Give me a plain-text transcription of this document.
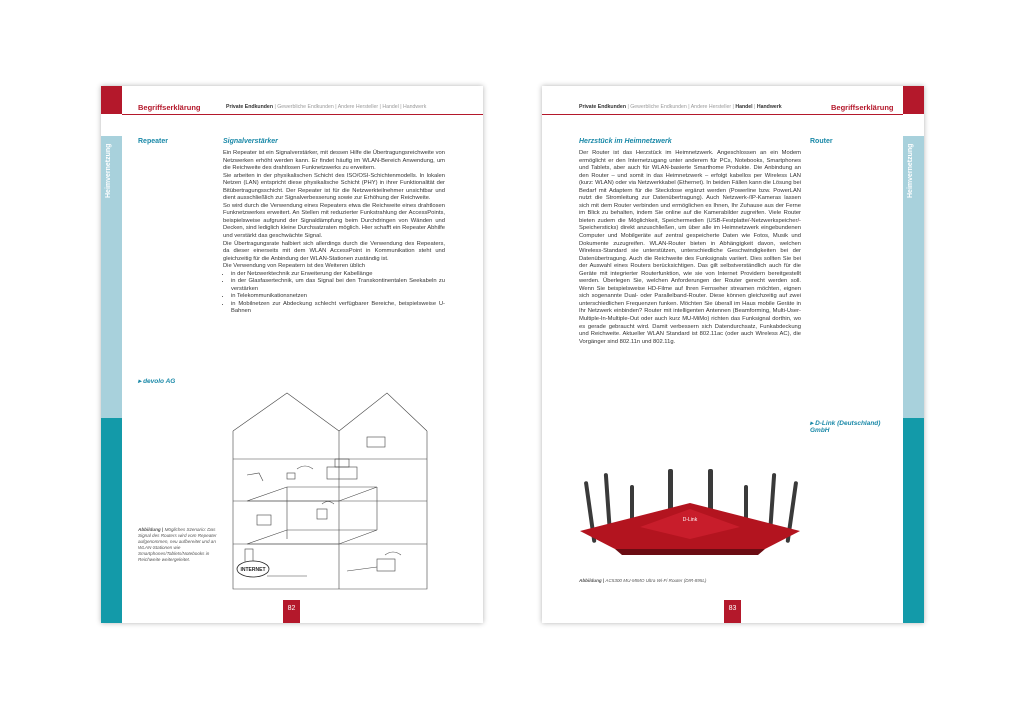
Begriffserklärung	Private Endkunden | Gewerbliche Endkunden | Andere Hersteller | Handel | Handwerk
Heimvernetzung
Repeater	Signalverstärker

Ein Repeater ist ein Signalverstärker, mit dessen Hilfe die Übertragungsreichweite von Netzwerken erhöht werden kann. Er findet häufig im WLAN-Bereich Anwendung, um die Reichweite des drahtlosen Funknetzwerks zu erweitern.

Sie arbeiten in der physikalischen Schicht des ISO/OSI-Schichtenmodells. In lokalen Netzen (LAN) entspricht diese physikalische Schicht (PHY) in ihrer Funktionalität der Bitübertragungsschicht. Der Repeater ist für die Netzwerkteilnehmer unsichtbar und dient ausschließlich zur Signalverbesserung sowie zur Erhöhung der Reichweite.

So wird durch die Verwendung eines Repeaters etwa die Reichweite eines drahtlosen Funknetzwerkes erweitert. An Stellen mit reduzierter Funkstrahlung der AccessPoints, beispielsweise aufgrund der Signaldämpfung beim Durchdringen von Wänden und Decken, sind lediglich kleine Durchsatzraten möglich. Hier schafft ein Repeater Abhilfe und verstärkt das geschwächte Signal.

Die Übertragungsrate halbiert sich allerdings durch die Verwendung des Repeaters, da dieser einerseits mit dem WLAN AccessPoint in Kommunikation steht und gleichzeitig für die Anbindung der WLAN-Stationen zuständig ist.

Die Verwendung von Repeatern ist des Weiteren üblich

• in der Netzwerktechnik zur Erweiterung der Kabellänge
• in der Glasfasertechnik, um das Signal bei den Transkontinentalen Seekabeln zu verstärken
• in Telekommunikationsnetzen
• in Mobilnetzen zur Abdeckung schlecht verfügbarer Bereiche, beispielsweise U-Bahnen
▸ devolo AG
INTERNET
Abbildung | Mögliches Szenario: Das Signal des Routers wird vom Repeater aufgenommen, neu aufbereitet und an WLAN-Stationen wie Smartphones/Tablets/Notebooks in Reichweite weitergeleitet.
82
Private Endkunden | Gewerbliche Endkunden | Andere Hersteller | Handel | Handwerk	Begriffserklärung
Heimvernetzung
Herzstück im Heimnetzwerk	Router

Der Router ist das Herzstück im Heimnetzwerk. Angeschlossen an ein Modem ermöglicht er den Internetzugang unter anderem für PCs, Notebooks, Smartphones und Tablets, aber auch für WLAN-basierte Smarthome Produkte. Die Anbindung an den Router – und somit in das Heimnetzwerk – erfolgt kabellos per Wireless LAN (kurz: WLAN) oder via Netzwerkkabel (Ethernet). In beiden Fällen kann die Lösung bei Bedarf mit Adaptern für die Steckdose ergänzt werden (Powerline bzw. PowerLAN nutzt die Stromleitung zur Datenübertragung). Auch Netzwerk-/IP-Kameras lassen sich mit dem Router verbinden und ermöglichen es Ihnen, Ihr Zuhause aus der Ferne im Blick zu behalten, indem Sie online auf die Kamerabilder zugreifen. Viele Router bieten zudem die Möglichkeit, Speichermedien (USB-Festplatte/-Netzwerkspeicher/-Speichersticks) direkt anzuschließen, um über alle im Heimnetzwerk eingebundenen Computer und Mobilgeräte auf zentral gespeicherte Daten wie Fotos, Musik und Dokumente zuzugreifen. WLAN-Router bieten in Abhängigkeit davon, welchen Wireless-Standard sie unterstützen, unterschiedliche Geschwindigkeiten bei der Datenübertragung. Auch die Reichweite des Funksignals variiert. Dies sollten Sie bei der Auswahl eines Routers berücksichtigen. Das gilt selbstverständlich auch für die Geräte mit integrierter Routerfunktion, wie sie von Internet Providern bereitgestellt werden. Überlegen Sie, welchen Anforderungen der Router gerecht werden soll. Wenn Sie beispielsweise HD-Filme auf Ihren Fernseher streamen möchten, eignen sich sogenannte Dual- oder Parallelband-Router. Diese können gleichzeitig auf zwei unterschiedlichen Frequenzen funken. Möchten Sie überall im Haus mobile Geräte in Ihr Netzwerk einbinden? Router mit intelligenten Antennen (Beamforming, Multi-User-Multiple-In-Multiple-Out oder auch kurz MU-MiMo) richten das Funksignal dorthin, wo es gerade gebraucht wird. Damit verbessern sich Datendurchsatz, Funkabdeckung und Reichweite. Aktueller WLAN Standard ist 802.11ac (oder auch Wireless AC), die Vorgänger sind 802.11n und 802.11g.

▸ D-Link (Deutschland) GmbH
D-Link
Abbildung | AC5300 MU-MIMO Ultra Wi-Fi Router (DIR-895L)
83
